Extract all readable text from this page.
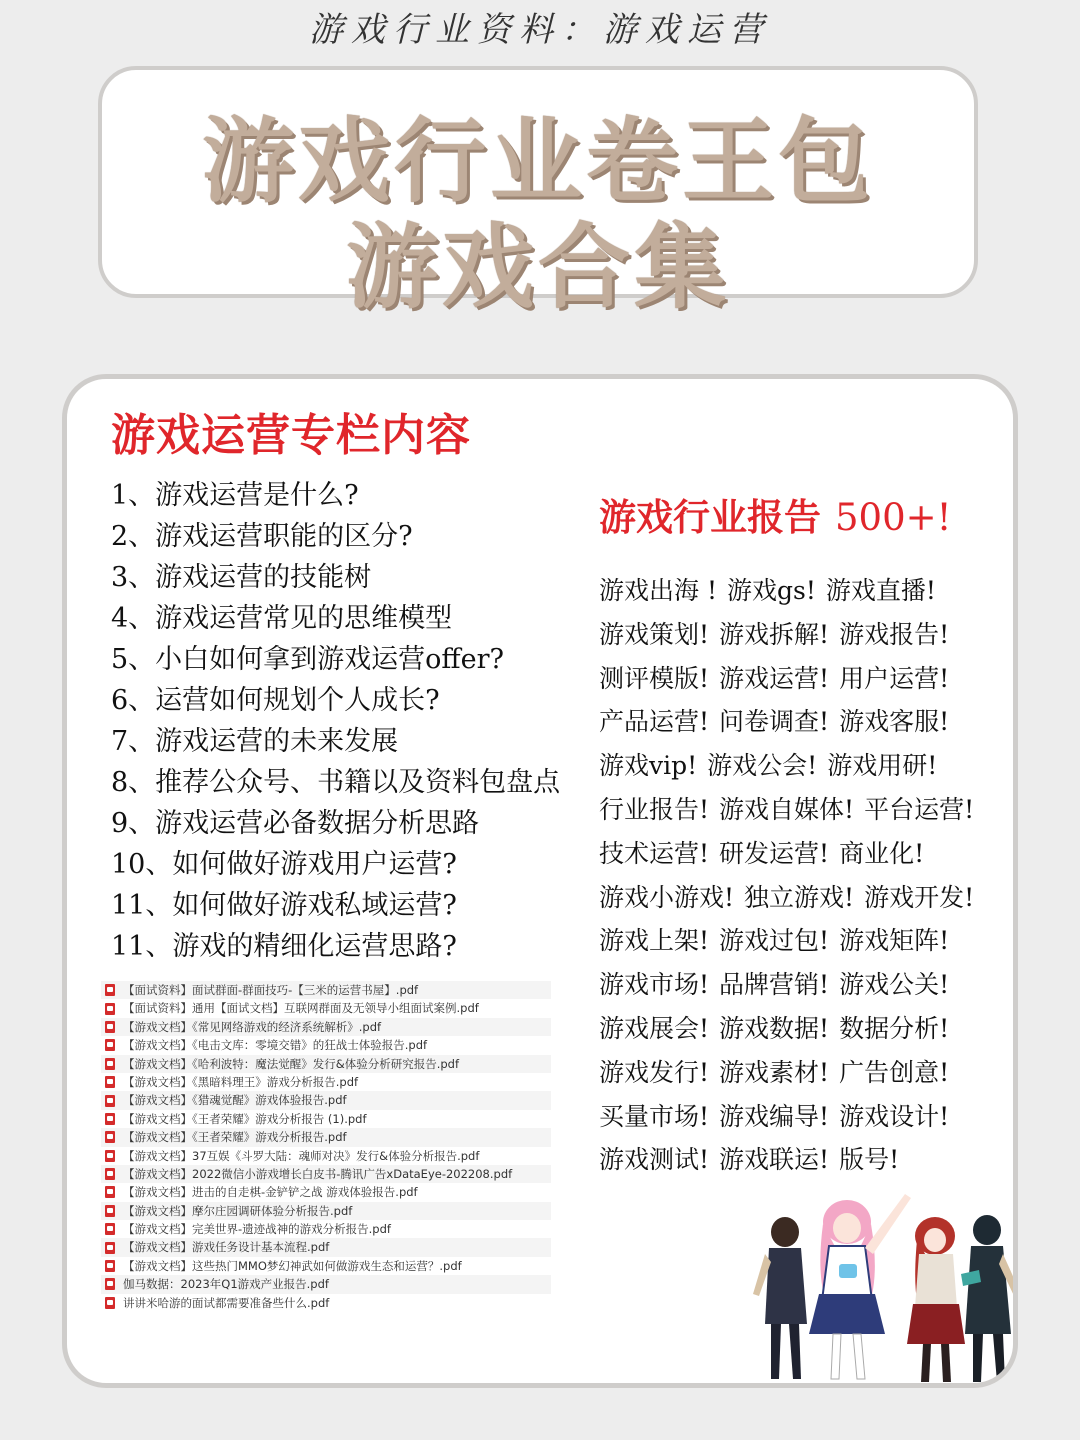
游戏行业资料：游戏运营
游戏行业卷王包
游戏合集
游戏运营专栏内容
1、游戏运营是什么?
2、游戏运营职能的区分?
3、游戏运营的技能树
4、游戏运营常见的思维模型
5、小白如何拿到游戏运营offer?
6、运营如何规划个人成长?
7、游戏运营的未来发展
8、推荐公众号、书籍以及资料包盘点
9、游戏运营必备数据分析思路
10、如何做好游戏用户运营?
11、如何做好游戏私域运营?
11、游戏的精细化运营思路?
【面试资料】面试群面-群面技巧-【三米的运营书屋】.pdf
【面试资料】通用【面试文档】互联网群面及无领导小组面试案例.pdf
【游戏文档】《常见网络游戏的经济系统解析》.pdf
【游戏文档】《电击文库：零境交错》的狂战士体验报告.pdf
【游戏文档】《哈利波特：魔法觉醒》发行&体验分析研究报告.pdf
【游戏文档】《黑暗料理王》游戏分析报告.pdf
【游戏文档】《猎魂觉醒》游戏体验报告.pdf
【游戏文档】《王者荣耀》游戏分析报告 (1).pdf
【游戏文档】《王者荣耀》游戏分析报告.pdf
【游戏文档】37互娱《斗罗大陆：魂师对决》发行&体验分析报告.pdf
【游戏文档】2022微信小游戏增长白皮书-腾讯广告xDataEye-202208.pdf
【游戏文档】进击的自走棋-金铲铲之战 游戏体验报告.pdf
【游戏文档】摩尔庄园调研体验分析报告.pdf
【游戏文档】完美世界-遗迹战神的游戏分析报告.pdf
【游戏文档】游戏任务设计基本流程.pdf
【游戏文档】这些热门MMO梦幻神武如何做游戏生态和运营？.pdf
伽马数据：2023年Q1游戏产业报告.pdf
讲讲米哈游的面试都需要准备些什么.pdf
游戏行业报告 500+!
游戏出海 ! 游戏gs! 游戏直播!
游戏策划! 游戏拆解! 游戏报告!
测评模版! 游戏运营! 用户运营!
产品运营! 问卷调查! 游戏客服!
游戏vip! 游戏公会! 游戏用研!
行业报告! 游戏自媒体! 平台运营!
技术运营! 研发运营! 商业化!
游戏小游戏! 独立游戏! 游戏开发!
游戏上架! 游戏过包! 游戏矩阵!
游戏市场! 品牌营销! 游戏公关!
游戏展会! 游戏数据! 数据分析!
游戏发行! 游戏素材! 广告创意!
买量市场! 游戏编导! 游戏设计!
游戏测试! 游戏联运! 版号!
